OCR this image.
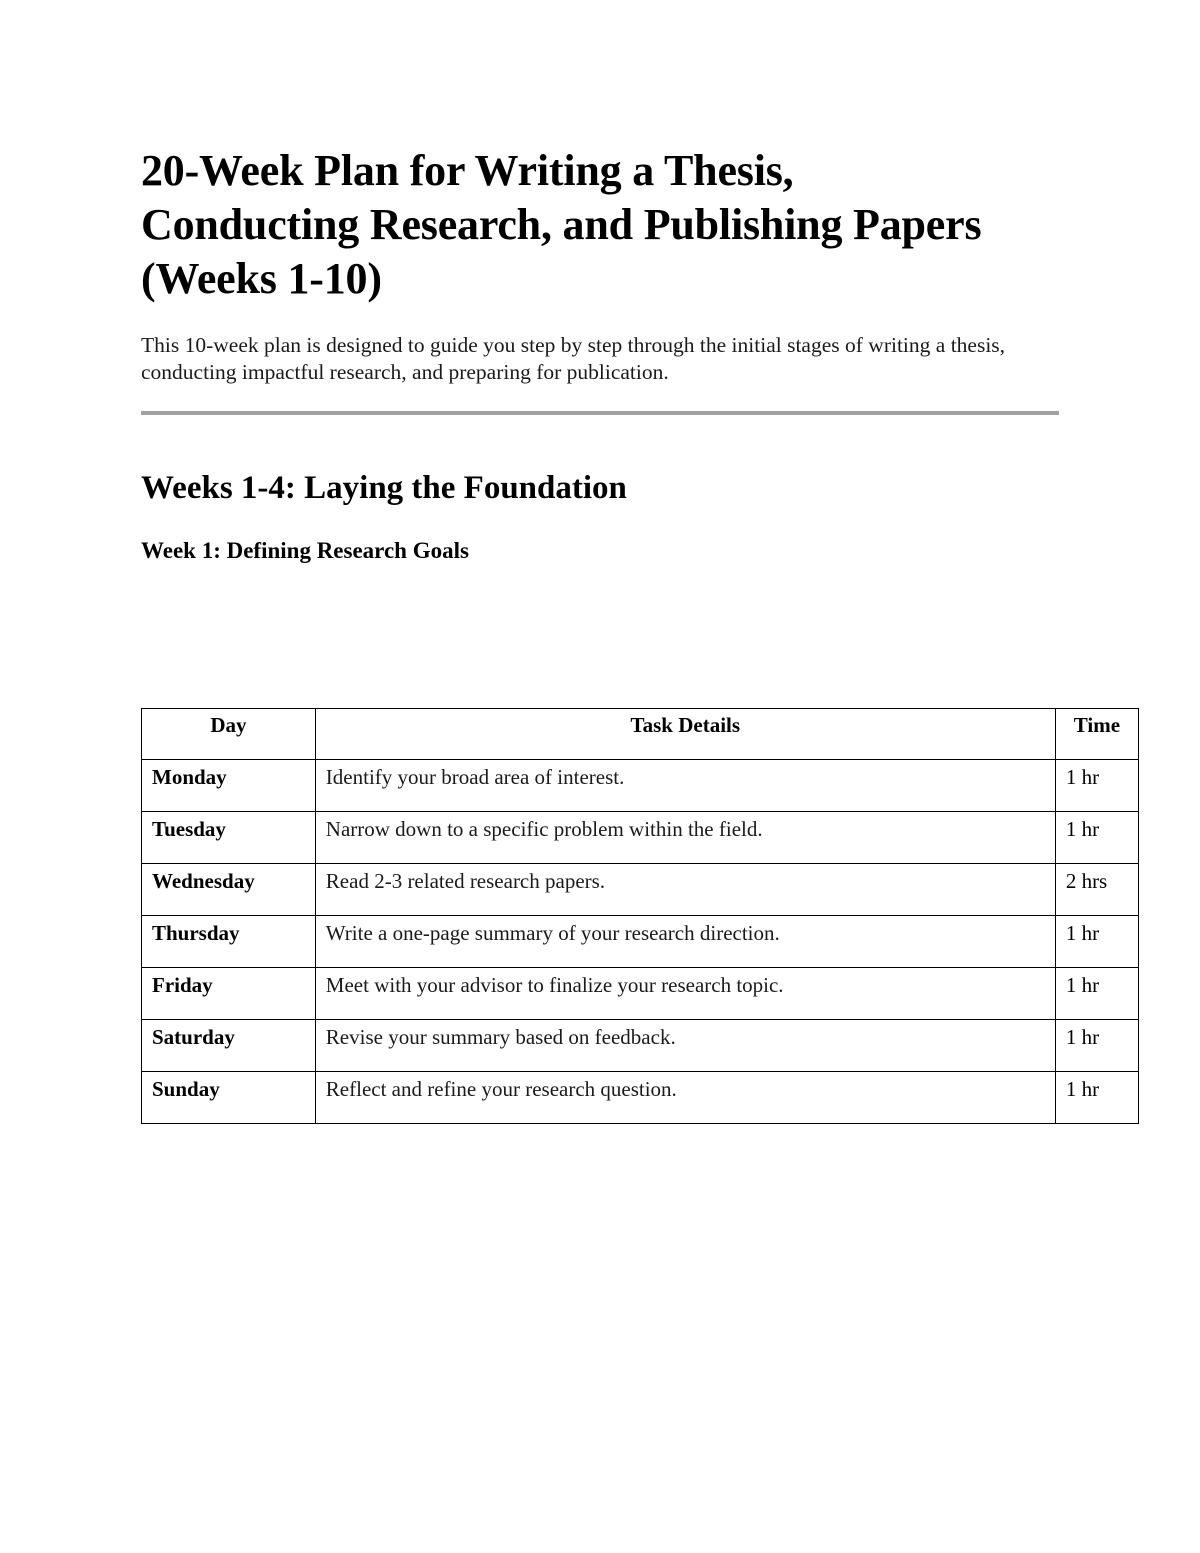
20-Week Plan for Writing a Thesis,
Conducting Research, and Publishing Papers
(Weeks 1-10)

This 10-week plan is designed to guide you step by step through the initial stages of writing a thesis, conducting impactful research, and preparing for publication.

Weeks 1-4: Laying the Foundation
Week 1: Defining Research Goals
Day	Task Details	Time
Monday	Identify your broad area of interest.	1 hr
Tuesday	Narrow down to a specific problem within the field.	1 hr
Wednesday	Read 2-3 related research papers.	2 hrs
Thursday	Write a one-page summary of your research direction.	1 hr
Friday	Meet with your advisor to finalize your research topic.	1 hr
Saturday	Revise your summary based on feedback.	1 hr
Sunday	Reflect and refine your research question.	1 hr
